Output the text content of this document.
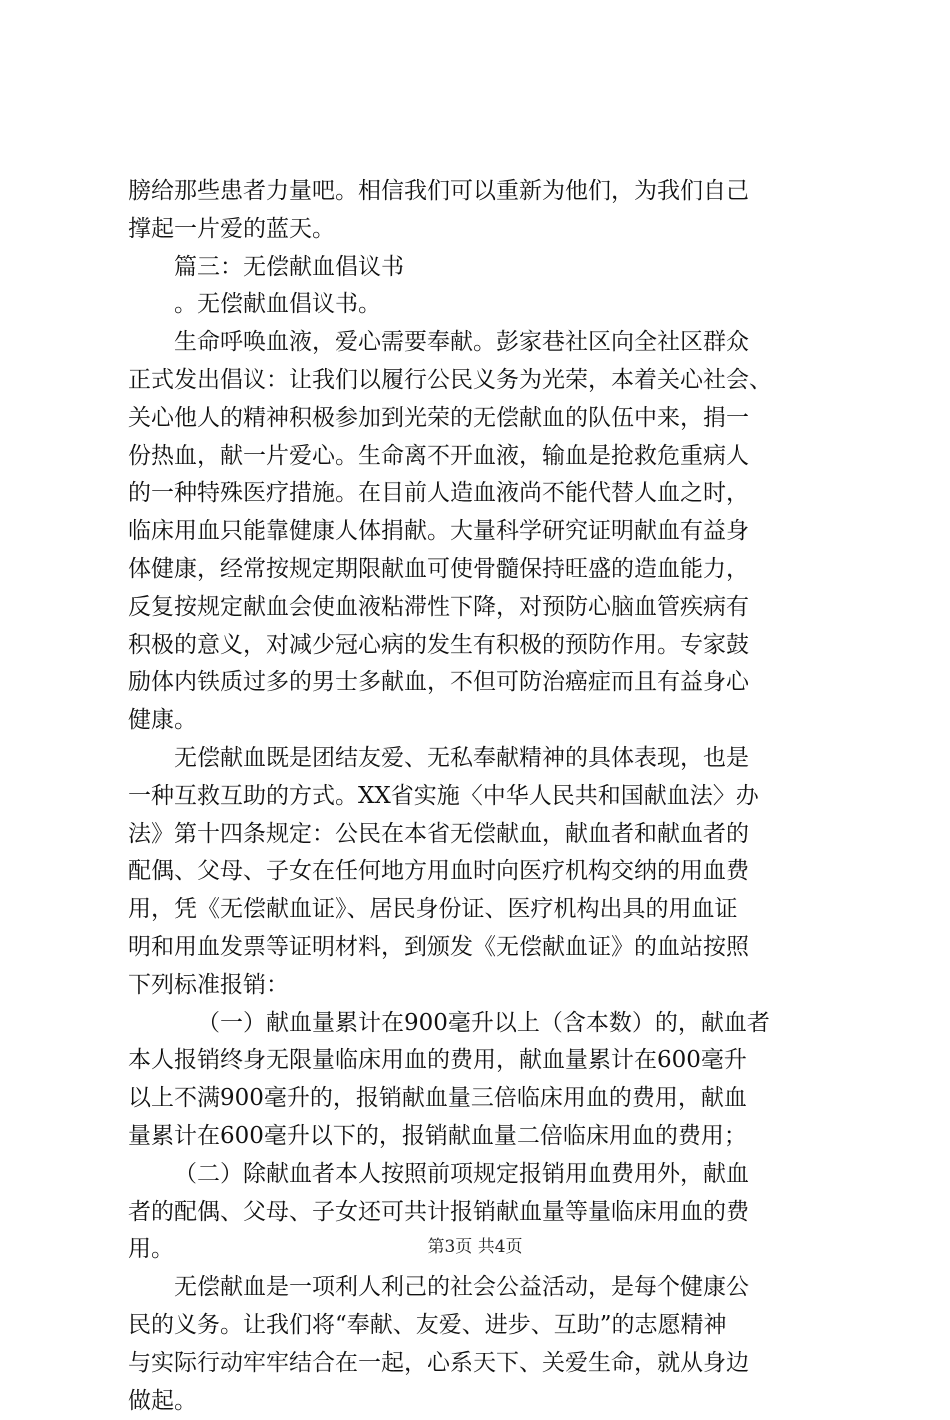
膀给那些患者力量吧。相信我们可以重新为他们，为我们自己
撑起一片爱的蓝天。
篇三：无偿献血倡议书
。无偿献血倡议书。
生命呼唤血液，爱心需要奉献。彭家巷社区向全社区群众
正式发出倡议：让我们以履行公民义务为光荣，本着关心社会、
关心他人的精神积极参加到光荣的无偿献血的队伍中来，捐一
份热血，献一片爱心。生命离不开血液，输血是抢救危重病人
的一种特殊医疗措施。在目前人造血液尚不能代替人血之时，
临床用血只能靠健康人体捐献。大量科学研究证明献血有益身
体健康，经常按规定期限献血可使骨髓保持旺盛的造血能力，
反复按规定献血会使血液粘滞性下降，对预防心脑血管疾病有
积极的意义，对减少冠心病的发生有积极的预防作用。专家鼓
励体内铁质过多的男士多献血，不但可防治癌症而且有益身心
健康。
无偿献血既是团结友爱、无私奉献精神的具体表现，也是
一种互救互助的方式。XX省实施〈中华人民共和国献血法〉办
法》第十四条规定：公民在本省无偿献血，献血者和献血者的
配偶、父母、子女在任何地方用血时向医疗机构交纳的用血费
用，凭《无偿献血证》、居民身份证、医疗机构出具的用血证
明和用血发票等证明材料，到颁发《无偿献血证》的血站按照
下列标准报销：
（一）献血量累计在900毫升以上（含本数）的，献血者
本人报销终身无限量临床用血的费用，献血量累计在600毫升
以上不满900毫升的，报销献血量三倍临床用血的费用，献血
量累计在600毫升以下的，报销献血量二倍临床用血的费用；
（二）除献血者本人按照前项规定报销用血费用外，献血
者的配偶、父母、子女还可共计报销献血量等量临床用血的费
用。
无偿献血是一项利人利己的社会公益活动，是每个健康公
民的义务。让我们将“奉献、友爱、进步、互助”的志愿精神
与实际行动牢牢结合在一起，心系天下、关爱生命，就从身边
做起。
第3页 共4页
